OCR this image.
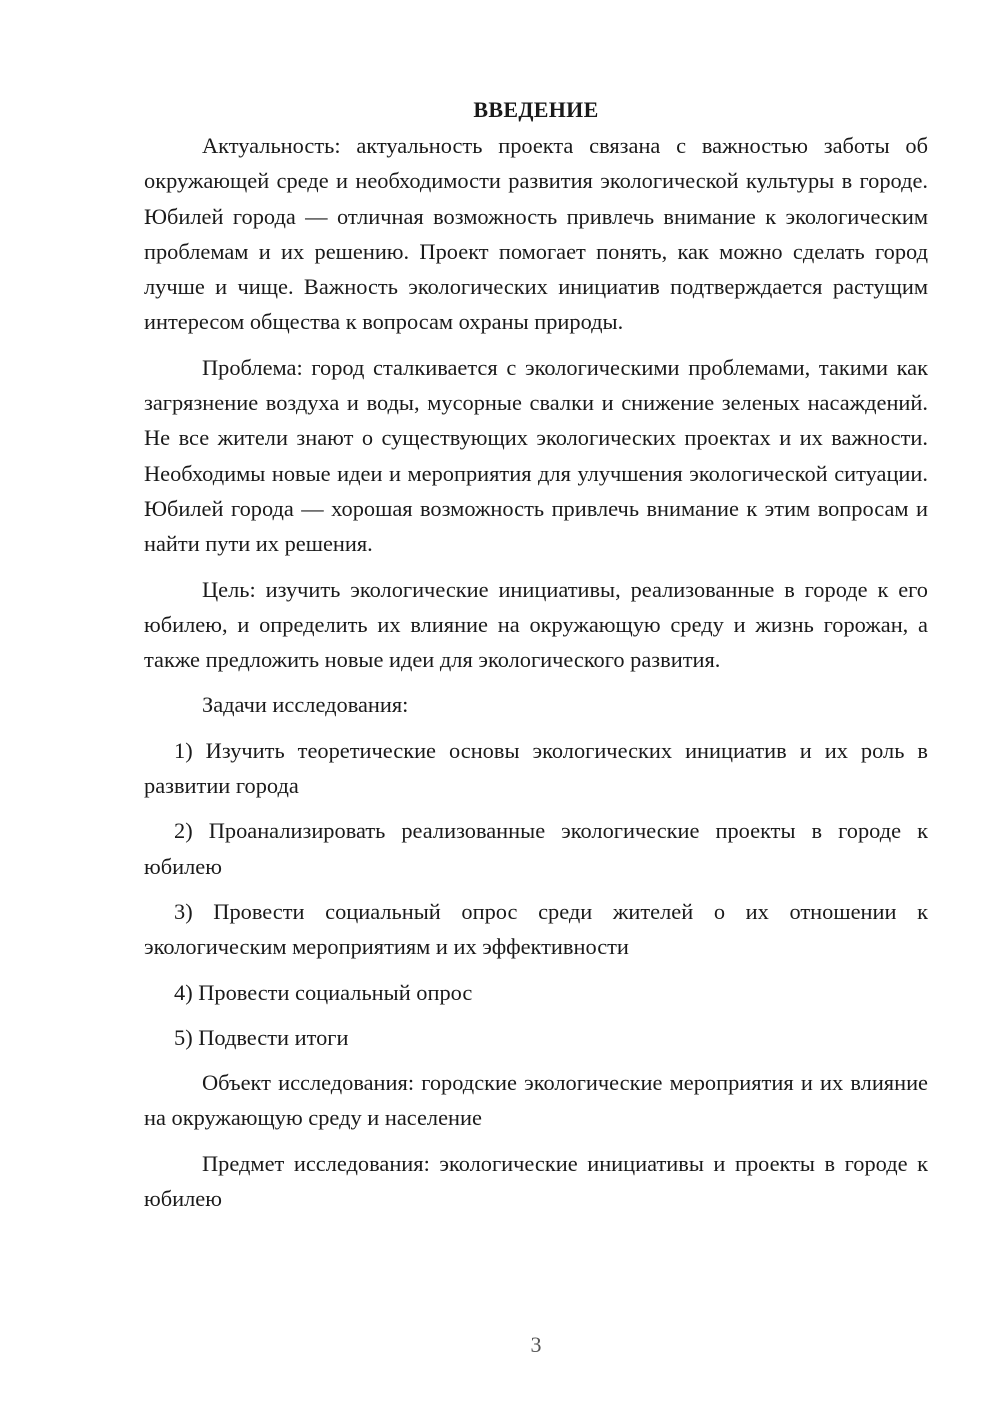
ВВЕДЕНИЕ

Актуальность: актуальность проекта связана с важностью заботы об окружающей среде и необходимости развития экологической культуры в городе. Юбилей города — отличная возможность привлечь внимание к экологическим проблемам и их решению. Проект помогает понять, как можно сделать город лучше и чище. Важность экологических инициатив подтверждается растущим интересом общества к вопросам охраны природы.

Проблема: город сталкивается с экологическими проблемами, такими как загрязнение воздуха и воды, мусорные свалки и снижение зеленых насаждений. Не все жители знают о существующих экологических проектах и их важности. Необходимы новые идеи и мероприятия для улучшения экологической ситуации. Юбилей города — хорошая возможность привлечь внимание к этим вопросам и найти пути их решения.

Цель: изучить экологические инициативы, реализованные в городе к его юбилею, и определить их влияние на окружающую среду и жизнь горожан, а также предложить новые идеи для экологического развития.

Задачи исследования:

1) Изучить теоретические основы экологических инициатив и их роль в развитии города

2) Проанализировать реализованные экологические проекты в городе к юбилею

3) Провести социальный опрос среди жителей о их отношении к экологическим мероприятиям и их эффективности

4) Провести социальный опрос

5) Подвести итоги

Объект исследования: городские экологические мероприятия и их влияние на окружающую среду и население

Предмет исследования: экологические инициативы и проекты в городе к юбилею

3
